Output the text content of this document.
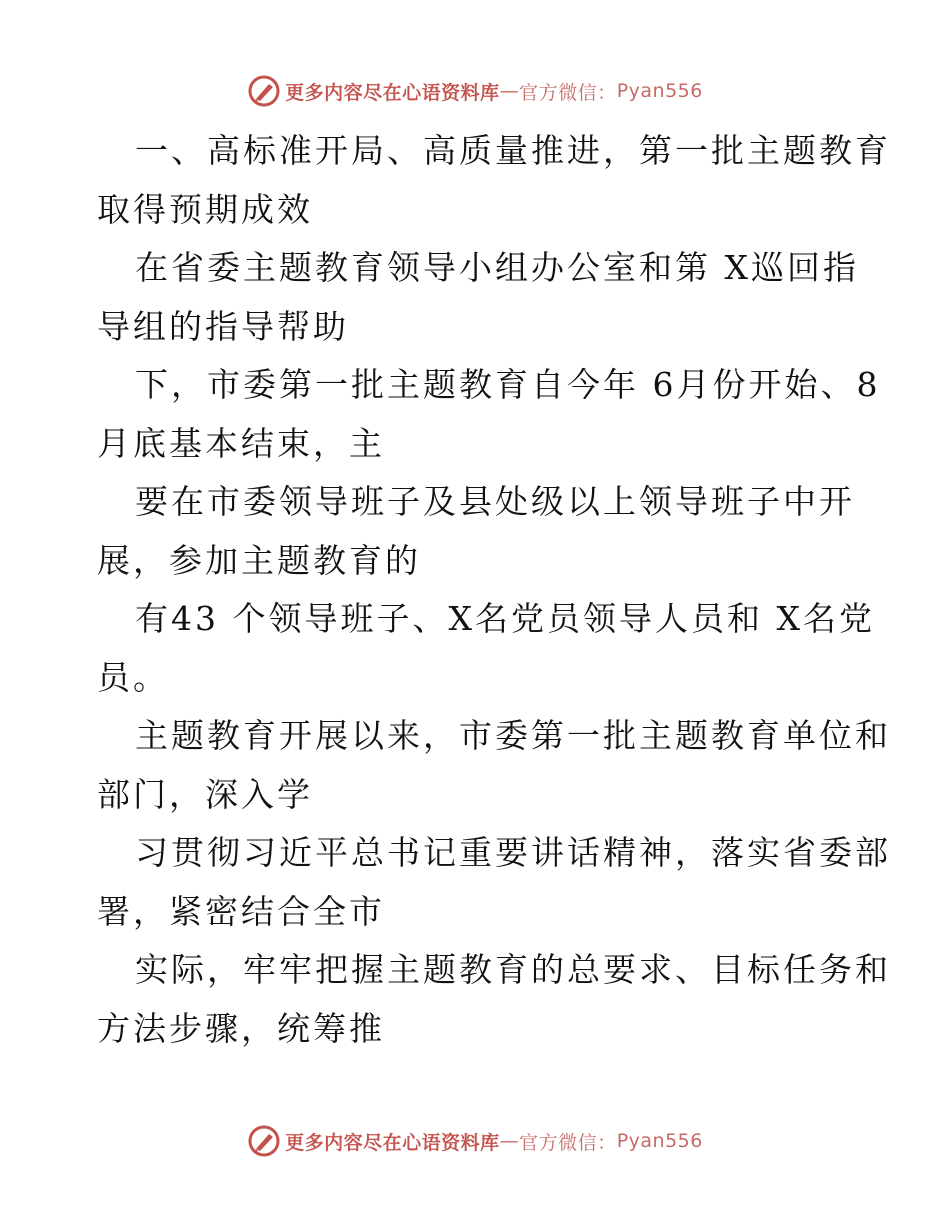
更多内容尽在心语资料库 — 官方微信： Pyan556
一、高标准开局、高质量推进，第一批主题教育
取得预期成效
在省委主题教育领导小组办公室和第 X巡回指
导组的指导帮助
下，市委第一批主题教育自今年 6月份开始、8
月底基本结束，主
要在市委领导班子及县处级以上领导班子中开
展，参加主题教育的
有43 个领导班子、X名党员领导人员和 X名党
员。
主题教育开展以来，市委第一批主题教育单位和
部门，深入学
习贯彻习近平总书记重要讲话精神，落实省委部
署，紧密结合全市
实际，牢牢把握主题教育的总要求、目标任务和
方法步骤，统筹推
更多内容尽在心语资料库 — 官方微信： Pyan556
